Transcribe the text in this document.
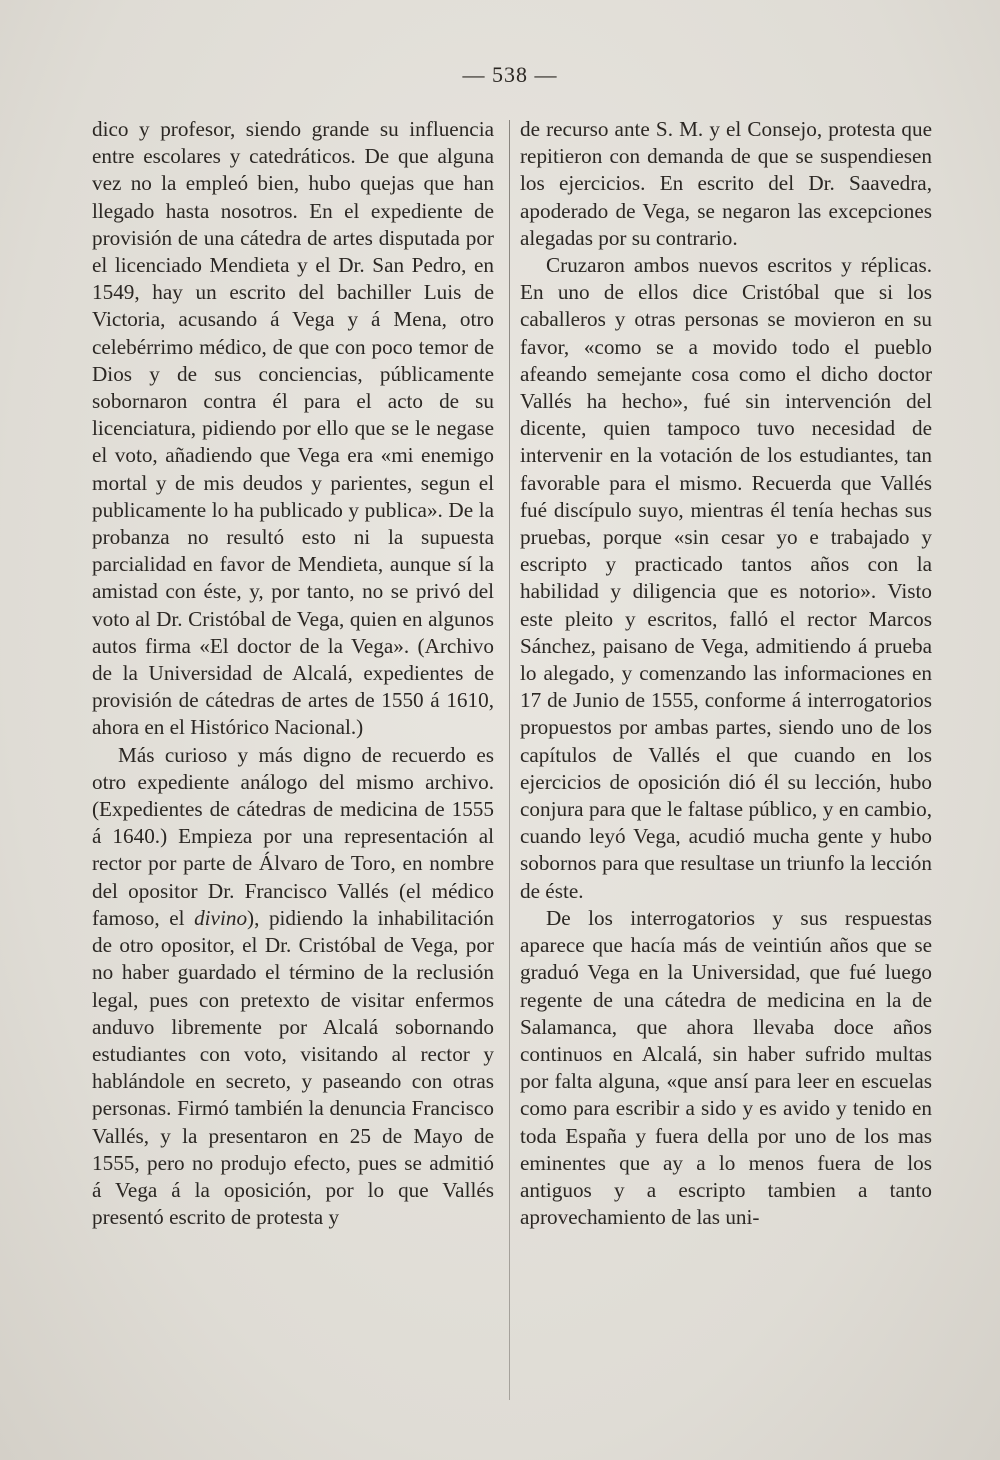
— 538 —

dico y profesor, siendo grande su influencia entre escolares y catedráticos. De que alguna vez no la empleó bien, hubo quejas que han llegado hasta nosotros. En el expediente de provisión de una cátedra de artes disputada por el licenciado Mendieta y el Dr. San Pedro, en 1549, hay un escrito del bachiller Luis de Victoria, acusando á Vega y á Mena, otro celebérrimo médico, de que con poco temor de Dios y de sus conciencias, públicamente sobornaron contra él para el acto de su licenciatura, pidiendo por ello que se le negase el voto, añadiendo que Vega era «mi enemigo mortal y de mis deudos y parientes, segun el publicamente lo ha publicado y publica». De la probanza no resultó esto ni la supuesta parcialidad en favor de Mendieta, aunque sí la amistad con éste, y, por tanto, no se privó del voto al Dr. Cristóbal de Vega, quien en algunos autos firma «El doctor de la Vega». (Archivo de la Universidad de Alcalá, expedientes de provisión de cátedras de artes de 1550 á 1610, ahora en el Histórico Nacional.)

Más curioso y más digno de recuerdo es otro expediente análogo del mismo archivo. (Expedientes de cátedras de medicina de 1555 á 1640.) Empieza por una representación al rector por parte de Álvaro de Toro, en nombre del opositor Dr. Francisco Vallés (el médico famoso, el divino), pidiendo la inhabilitación de otro opositor, el Dr. Cristóbal de Vega, por no haber guardado el término de la reclusión legal, pues con pretexto de visitar enfermos anduvo libremente por Alcalá sobornando estudiantes con voto, visitando al rector y hablándole en secreto, y paseando con otras personas. Firmó también la denuncia Francisco Vallés, y la presentaron en 25 de Mayo de 1555, pero no produjo efecto, pues se admitió á Vega á la oposición, por lo que Vallés presentó escrito de protesta y

de recurso ante S. M. y el Consejo, protesta que repitieron con demanda de que se suspendiesen los ejercicios. En escrito del Dr. Saavedra, apoderado de Vega, se negaron las excepciones alegadas por su contrario.

Cruzaron ambos nuevos escritos y réplicas. En uno de ellos dice Cristóbal que si los caballeros y otras personas se movieron en su favor, «como se a movido todo el pueblo afeando semejante cosa como el dicho doctor Vallés ha hecho», fué sin intervención del dicente, quien tampoco tuvo necesidad de intervenir en la votación de los estudiantes, tan favorable para el mismo. Recuerda que Vallés fué discípulo suyo, mientras él tenía hechas sus pruebas, porque «sin cesar yo e trabajado y escripto y practicado tantos años con la habilidad y diligencia que es notorio». Visto este pleito y escritos, falló el rector Marcos Sánchez, paisano de Vega, admitiendo á prueba lo alegado, y comenzando las informaciones en 17 de Junio de 1555, conforme á interrogatorios propuestos por ambas partes, siendo uno de los capítulos de Vallés el que cuando en los ejercicios de oposición dió él su lección, hubo conjura para que le faltase público, y en cambio, cuando leyó Vega, acudió mucha gente y hubo sobornos para que resultase un triunfo la lección de éste.

De los interrogatorios y sus respuestas aparece que hacía más de veintiún años que se graduó Vega en la Universidad, que fué luego regente de una cátedra de medicina en la de Salamanca, que ahora llevaba doce años continuos en Alcalá, sin haber sufrido multas por falta alguna, «que ansí para leer en escuelas como para escribir a sido y es avido y tenido en toda España y fuera della por uno de los mas eminentes que ay a lo menos fuera de los antiguos y a escripto tambien a tanto aprovechamiento de las uni-
